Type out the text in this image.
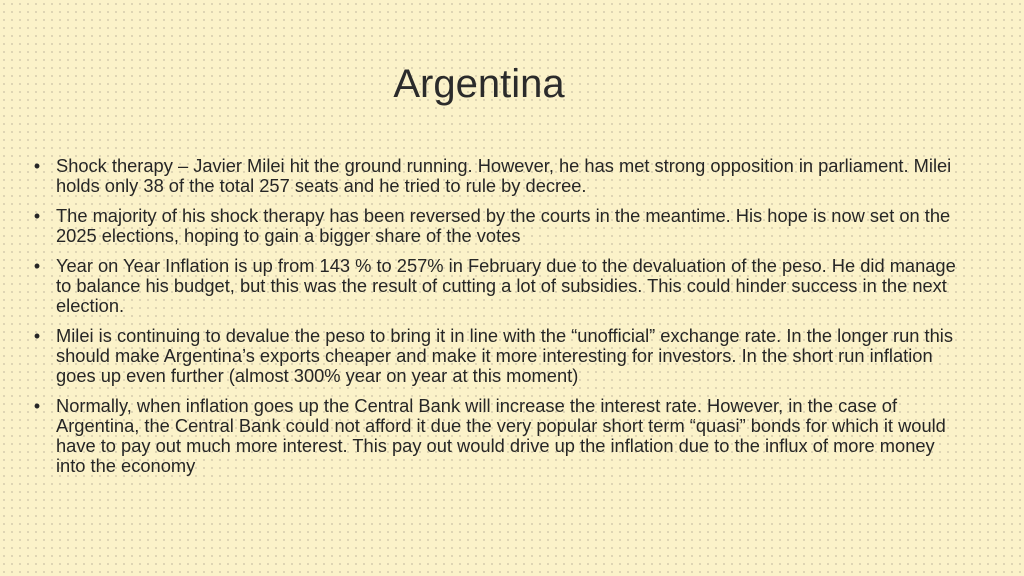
Argentina
• Shock therapy – Javier Milei hit the ground running. However, he has met strong opposition in parliament. Milei holds only 38 of the total 257 seats and he tried to rule by decree.
• The majority of his shock therapy has been reversed by the courts in the meantime. His hope is now set on the 2025 elections, hoping to gain a bigger share of the votes
• Year on Year Inflation is up from 143 % to 257% in February due to the devaluation of the peso. He did manage to balance his budget, but this was the result of cutting a lot of subsidies. This could hinder success in the next election.
• Milei is continuing to devalue the peso to bring it in line with the “unofficial” exchange rate. In the longer run this should make Argentina’s exports cheaper and make it more interesting for investors. In the short run inflation goes up even further (almost 300% year on year at this moment)
• Normally, when inflation goes up the Central Bank will increase the interest rate. However, in the case of Argentina, the Central Bank could not afford it due the very popular short term “quasi” bonds for which it would have to pay out much more interest. This pay out would drive up the inflation due to the influx of more money into the economy
